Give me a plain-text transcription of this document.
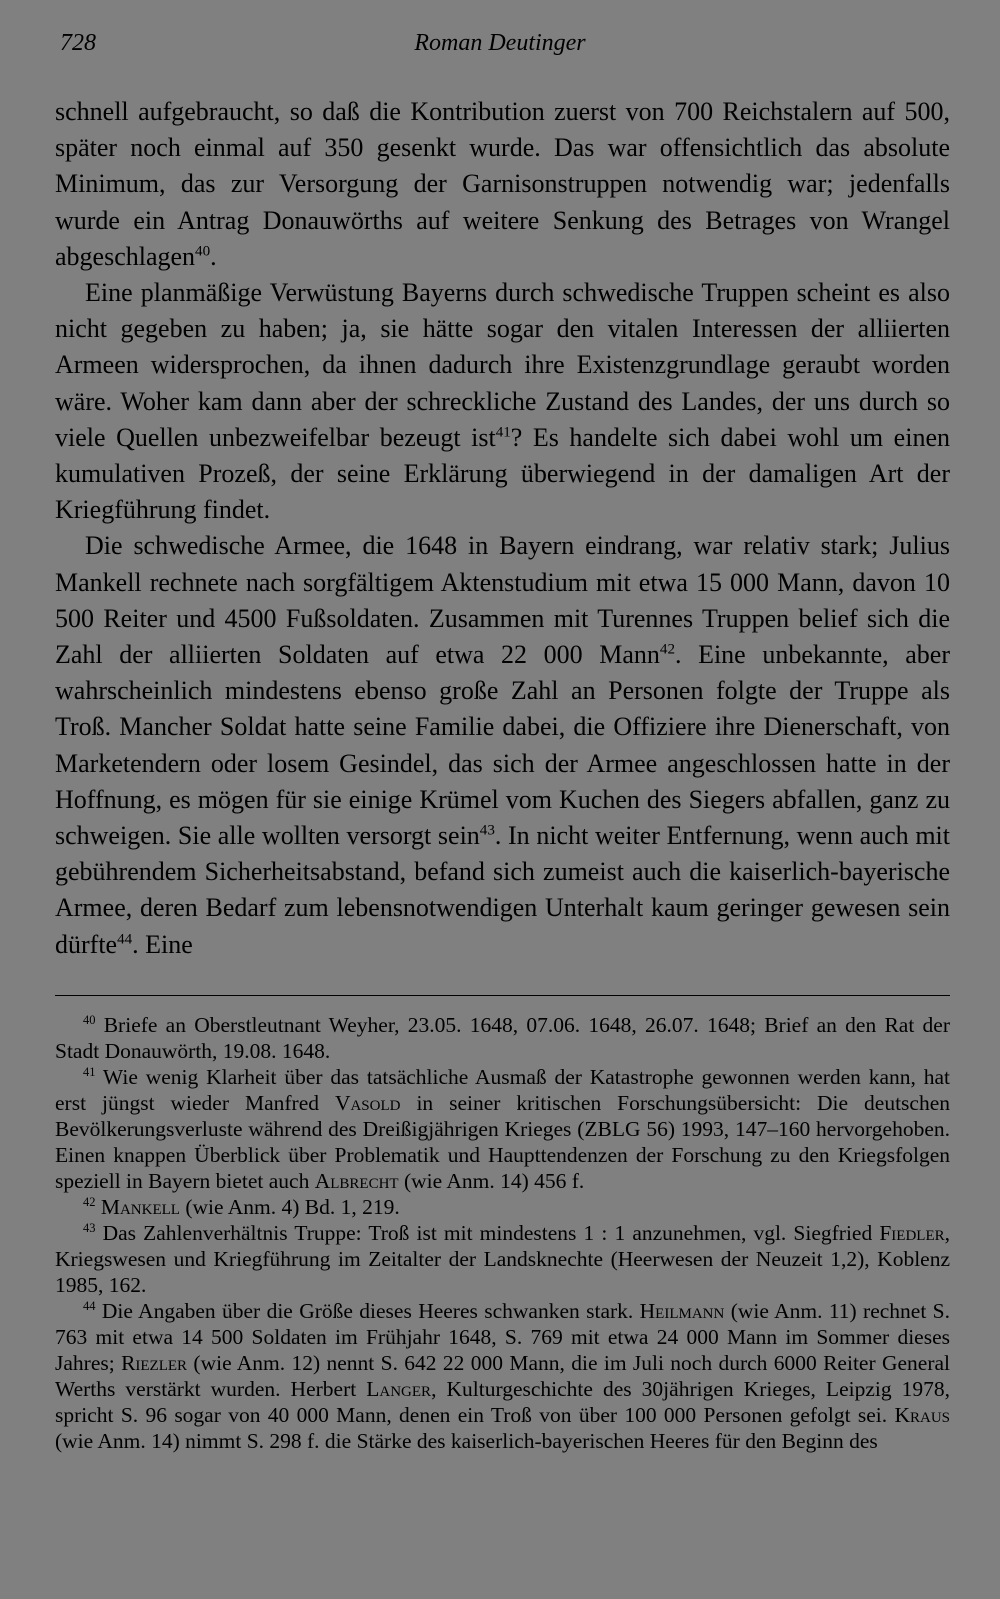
728	Roman Deutinger

schnell aufgebraucht, so daß die Kontribution zuerst von 700 Reichstalern auf 500, später noch einmal auf 350 gesenkt wurde. Das war offensichtlich das absolute Minimum, das zur Versorgung der Garnisonstruppen notwendig war; jedenfalls wurde ein Antrag Donauwörths auf weitere Senkung des Betrages von Wrangel abgeschlagen$^{40}$.

Eine planmäßige Verwüstung Bayerns durch schwedische Truppen scheint es also nicht gegeben zu haben; ja, sie hätte sogar den vitalen Interessen der alliierten Armeen widersprochen, da ihnen dadurch ihre Existenzgrundlage geraubt worden wäre. Woher kam dann aber der schreckliche Zustand des Landes, der uns durch so viele Quellen unbezweifelbar bezeugt ist$^{41}$? Es handelte sich dabei wohl um einen kumulativen Prozeß, der seine Erklärung überwiegend in der damaligen Art der Kriegführung findet.

Die schwedische Armee, die 1648 in Bayern eindrang, war relativ stark; Julius Mankell rechnete nach sorgfältigem Aktenstudium mit etwa 15 000 Mann, davon 10 500 Reiter und 4500 Fußsoldaten. Zusammen mit Turennes Truppen belief sich die Zahl der alliierten Soldaten auf etwa 22 000 Mann$^{42}$. Eine unbekannte, aber wahrscheinlich mindestens ebenso große Zahl an Personen folgte der Truppe als Troß. Mancher Soldat hatte seine Familie dabei, die Offiziere ihre Dienerschaft, von Marketendern oder losem Gesindel, das sich der Armee angeschlossen hatte in der Hoffnung, es mögen für sie einige Krümel vom Kuchen des Siegers abfallen, ganz zu schweigen. Sie alle wollten versorgt sein$^{43}$. In nicht weiter Entfernung, wenn auch mit gebührendem Sicherheitsabstand, befand sich zumeist auch die kaiserlich-bayerische Armee, deren Bedarf zum lebensnotwendigen Unterhalt kaum geringer gewesen sein dürfte$^{44}$. Eine

$^{40}$ Briefe an Oberstleutnant Weyher, 23.05. 1648, 07.06. 1648, 26.07. 1648; Brief an den Rat der Stadt Donauwörth, 19.08. 1648.

$^{41}$ Wie wenig Klarheit über das tatsächliche Ausmaß der Katastrophe gewonnen werden kann, hat erst jüngst wieder Manfred Vasold in seiner kritischen Forschungsübersicht: Die deutschen Bevölkerungsverluste während des Dreißigjährigen Krieges (ZBLG 56) 1993, 147–160 hervorgehoben. Einen knappen Überblick über Problematik und Haupttendenzen der Forschung zu den Kriegsfolgen speziell in Bayern bietet auch Albrecht (wie Anm. 14) 456 f.

$^{42}$ Mankell (wie Anm. 4) Bd. 1, 219.

$^{43}$ Das Zahlenverhältnis Truppe: Troß ist mit mindestens 1 : 1 anzunehmen, vgl. Siegfried Fiedler, Kriegswesen und Kriegführung im Zeitalter der Landsknechte (Heerwesen der Neuzeit 1,2), Koblenz 1985, 162.

$^{44}$ Die Angaben über die Größe dieses Heeres schwanken stark. Heilmann (wie Anm. 11) rechnet S. 763 mit etwa 14 500 Soldaten im Frühjahr 1648, S. 769 mit etwa 24 000 Mann im Sommer dieses Jahres; Riezler (wie Anm. 12) nennt S. 642 22 000 Mann, die im Juli noch durch 6000 Reiter General Werths verstärkt wurden. Herbert Langer, Kulturgeschichte des 30jährigen Krieges, Leipzig 1978, spricht S. 96 sogar von 40 000 Mann, denen ein Troß von über 100 000 Personen gefolgt sei. Kraus (wie Anm. 14) nimmt S. 298 f. die Stärke des kaiserlich-bayerischen Heeres für den Beginn des
